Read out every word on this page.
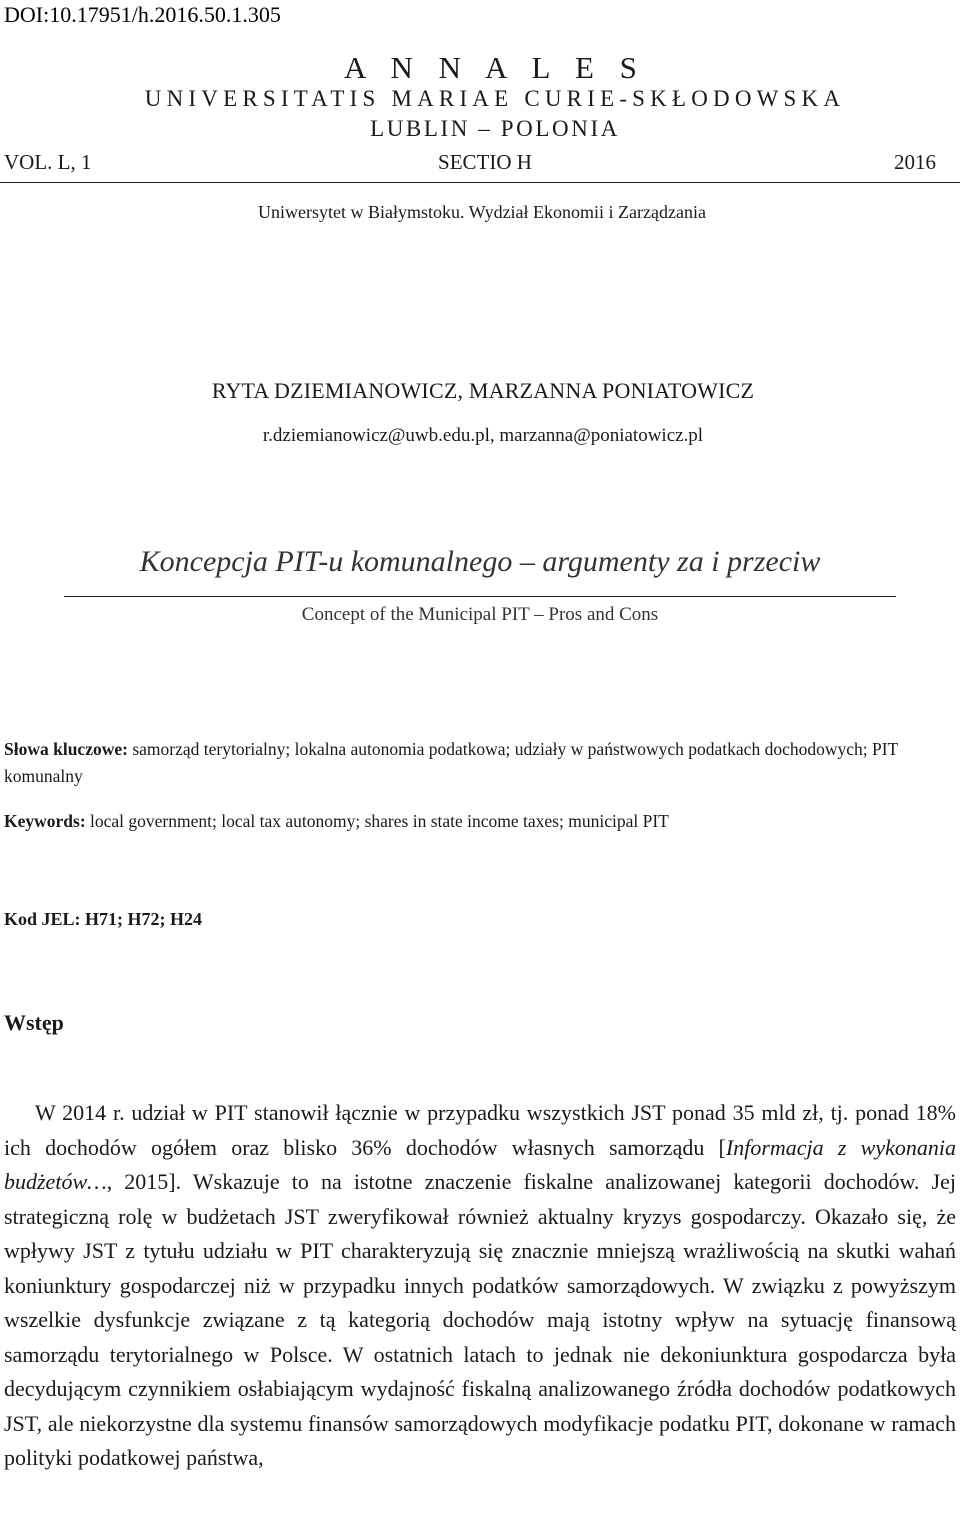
DOI:10.17951/h.2016.50.1.305
A N N A L E S
UNIVERSITATIS MARIAE CURIE-SKŁODOWSKA
LUBLIN – POLONIA
VOL. L, 1	SECTIO H	2016
Uniwersytet w Białymstoku. Wydział Ekonomii i Zarządzania
RYTA DZIEMIANOWICZ, MARZANNA PONIATOWICZ
r.dziemianowicz@uwb.edu.pl, marzanna@poniatowicz.pl
Koncepcja PIT-u komunalnego – argumenty za i przeciw
Concept of the Municipal PIT – Pros and Cons
Słowa kluczowe: samorząd terytorialny; lokalna autonomia podatkowa; udziały w państwowych podatkach dochodowych; PIT komunalny
Keywords: local government; local tax autonomy; shares in state income taxes; municipal PIT
Kod JEL: H71; H72; H24
Wstęp

W 2014 r. udział w PIT stanowił łącznie w przypadku wszystkich JST ponad 35 mld zł, tj. ponad 18% ich dochodów ogółem oraz blisko 36% dochodów własnych samorządu [Informacja z wykonania budżetów…, 2015]. Wskazuje to na istotne znaczenie fiskalne analizowanej kategorii dochodów. Jej strategiczną rolę w budżetach JST zweryfikował również aktualny kryzys gospodarczy. Okazało się, że wpływy JST z tytułu udziału w PIT charakteryzują się znacznie mniejszą wrażliwością na skutki wahań koniunktury gospodarczej niż w przypadku innych podatków samorządowych. W związku z powyższym wszelkie dysfunkcje związane z tą kategorią dochodów mają istotny wpływ na sytuację finansową samorządu terytorialnego w Polsce. W ostatnich latach to jednak nie dekoniunktura gospodarcza była decydującym czynnikiem osłabiającym wydajność fiskalną analizowanego źródła dochodów podatkowych JST, ale niekorzystne dla systemu finansów samorządowych modyfikacje podatku PIT, dokonane w ramach polityki podatkowej państwa,
